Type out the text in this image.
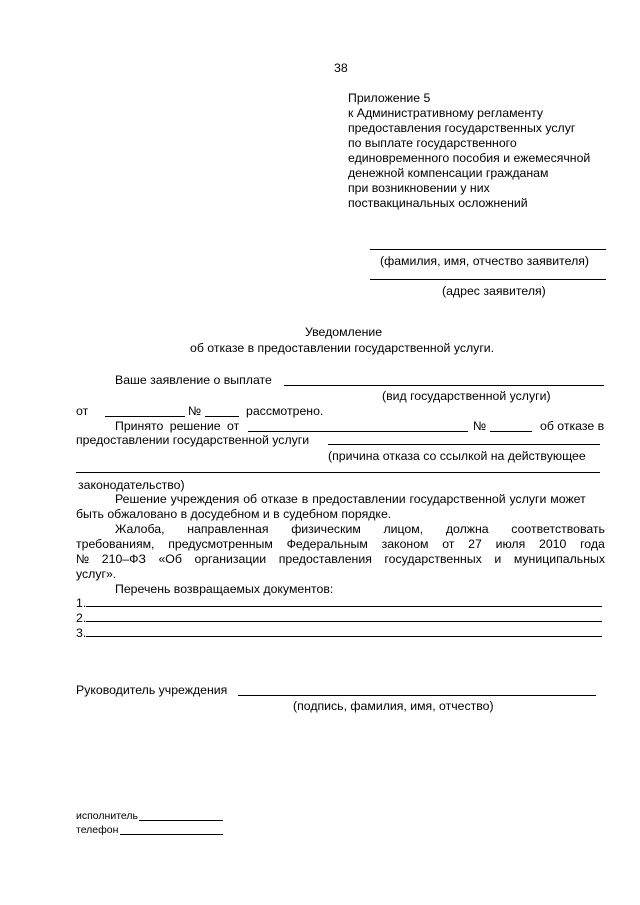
38
Приложение 5
к Административному регламенту
предоставления государственных услуг
по выплате государственного
единовременного пособия и ежемесячной
денежной компенсации гражданам
при возникновении у них
поствакцинальных осложнений
(фамилия, имя, отчество заявителя)
(адрес заявителя)
Уведомление
об отказе в предоставлении государственной услуги.
Ваше заявление о выплате
(вид государственной услуги)
от	№	рассмотрено.
Принято решение от	№	об отказе в
предоставлении государственной услуги
(причина отказа со ссылкой на действующее
законодательство)
Решение учреждения об отказе в предоставлении государственной услуги может
быть обжаловано в досудебном и в судебном порядке.
Жалоба, направленная физическим лицом, должна соответствовать
требованиям, предусмотренным Федеральным законом от 27 июля 2010 года
№ 210–ФЗ «Об организации предоставления государственных и муниципальных
услуг».
Перечень возвращаемых документов:
1.
2.
3.
Руководитель учреждения
(подпись, фамилия, имя, отчество)
исполнитель
телефон
